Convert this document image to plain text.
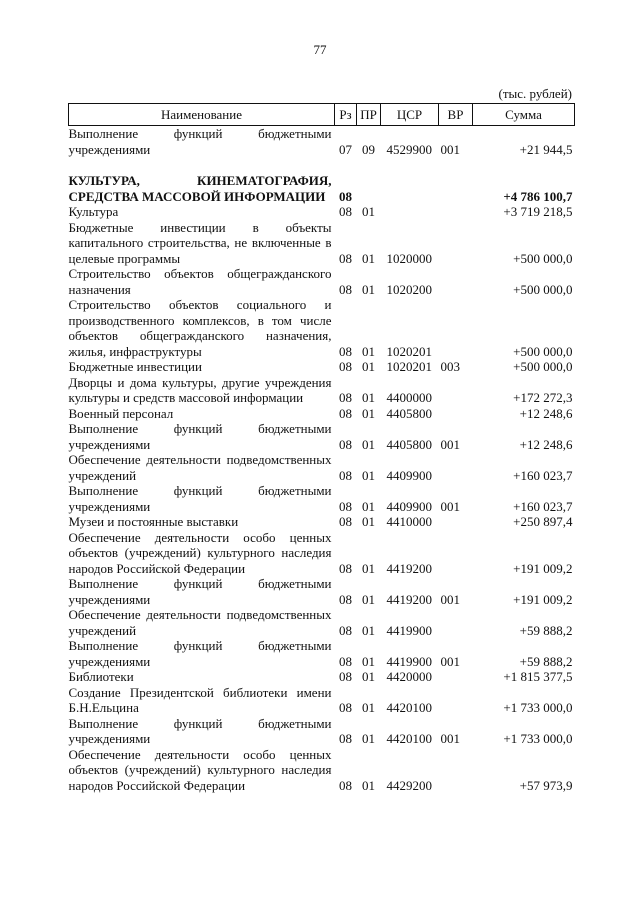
77
(тыс. рублей)
Наименование	Рз	ПР	ЦСР	ВР	Сумма
Выполнение функций бюджетными учреждениями	07	09	4529900	001	+21 944,5

КУЛЬТУРА, КИНЕМАТОГРАФИЯ, СРЕДСТВА МАССОВОЙ ИНФОРМАЦИИ	08				+4 786 100,7
Культура	08	01			+3 719 218,5
Бюджетные инвестиции в объекты капитального строительства, не включенные в целевые программы	08	01	1020000		+500 000,0
Строительство объектов общегражданского назначения	08	01	1020200		+500 000,0
Строительство объектов социального и производственного комплексов, в том числе объектов общегражданского назначения, жилья, инфраструктуры	08	01	1020201		+500 000,0
Бюджетные инвестиции	08	01	1020201	003	+500 000,0
Дворцы и дома культуры, другие учреждения культуры и средств массовой информации	08	01	4400000		+172 272,3
Военный персонал	08	01	4405800		+12 248,6
Выполнение функций бюджетными учреждениями	08	01	4405800	001	+12 248,6
Обеспечение деятельности подведомственных учреждений	08	01	4409900		+160 023,7
Выполнение функций бюджетными учреждениями	08	01	4409900	001	+160 023,7
Музеи и постоянные выставки	08	01	4410000		+250 897,4
Обеспечение деятельности особо ценных объектов (учреждений) культурного наследия народов Российской Федерации	08	01	4419200		+191 009,2
Выполнение функций бюджетными учреждениями	08	01	4419200	001	+191 009,2
Обеспечение деятельности подведомственных учреждений	08	01	4419900		+59 888,2
Выполнение функций бюджетными учреждениями	08	01	4419900	001	+59 888,2
Библиотеки	08	01	4420000		+1 815 377,5
Создание Президентской библиотеки имени Б.Н.Ельцина	08	01	4420100		+1 733 000,0
Выполнение функций бюджетными учреждениями	08	01	4420100	001	+1 733 000,0
Обеспечение деятельности особо ценных объектов (учреждений) культурного наследия народов Российской Федерации	08	01	4429200		+57 973,9
